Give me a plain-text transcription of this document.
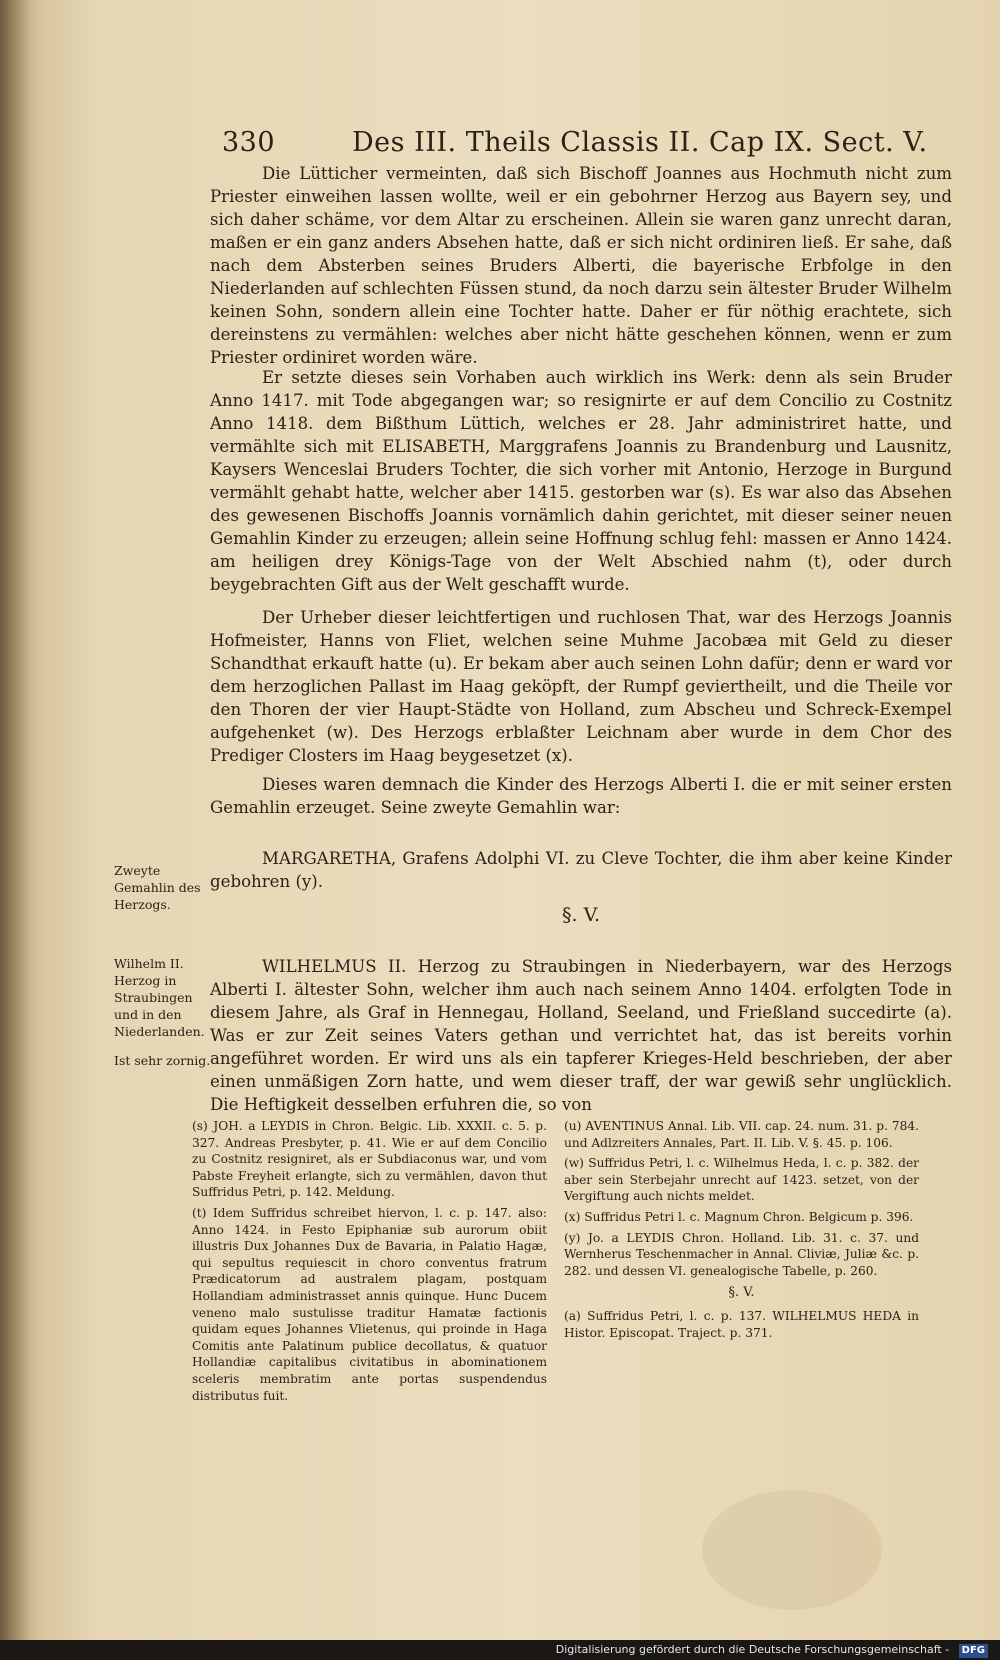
330	Des III. Theils Classis II. Cap IX. Sect. V.

Die Lütticher vermeinten, daß sich Bischoff Joannes aus Hochmuth nicht zum Priester einweihen lassen wollte, weil er ein gebohrner Herzog aus Bayern sey, und sich daher schäme, vor dem Altar zu erscheinen. Allein sie waren ganz unrecht daran, maßen er ein ganz anders Absehen hatte, daß er sich nicht ordiniren ließ. Er sahe, daß nach dem Absterben seines Bruders Alberti, die bayerische Erbfolge in den Niederlanden auf schlechten Füssen stund, da noch darzu sein ältester Bruder Wilhelm keinen Sohn, sondern allein eine Tochter hatte. Daher er für nöthig erachtete, sich dereinstens zu vermählen: welches aber nicht hätte geschehen können, wenn er zum Priester ordiniret worden wäre.

Er setzte dieses sein Vorhaben auch wirklich ins Werk: denn als sein Bruder Anno 1417. mit Tode abgegangen war; so resignirte er auf dem Concilio zu Costnitz Anno 1418. dem Bißthum Lüttich, welches er 28. Jahr administriret hatte, und vermählte sich mit ELISABETH, Marggrafens Joannis zu Brandenburg und Lausnitz, Kaysers Wenceslai Bruders Tochter, die sich vorher mit Antonio, Herzoge in Burgund vermählt gehabt hatte, welcher aber 1415. gestorben war (s). Es war also das Absehen des gewesenen Bischoffs Joannis vornämlich dahin gerichtet, mit dieser seiner neuen Gemahlin Kinder zu erzeugen; allein seine Hoffnung schlug fehl: massen er Anno 1424. am heiligen drey Königs-Tage von der Welt Abschied nahm (t), oder durch beygebrachten Gift aus der Welt geschafft wurde.

Der Urheber dieser leichtfertigen und ruchlosen That, war des Herzogs Joannis Hofmeister, Hanns von Fliet, welchen seine Muhme Jacobæa mit Geld zu dieser Schandthat erkauft hatte (u). Er bekam aber auch seinen Lohn dafür; denn er ward vor dem herzoglichen Pallast im Haag geköpft, der Rumpf geviertheilt, und die Theile vor den Thoren der vier Haupt-Städte von Holland, zum Abscheu und Schreck-Exempel aufgehenket (w). Des Herzogs erblaßter Leichnam aber wurde in dem Chor des Prediger Closters im Haag beygesetzet (x).

Dieses waren demnach die Kinder des Herzogs Alberti I. die er mit seiner ersten Gemahlin erzeuget. Seine zweyte Gemahlin war:

MARGARETHA, Grafens Adolphi VI. zu Cleve Tochter, die ihm aber keine Kinder gebohren (y).

§. V.

WILHELMUS II. Herzog zu Straubingen in Niederbayern, war des Herzogs Alberti I. ältester Sohn, welcher ihm auch nach seinem Anno 1404. erfolgten Tode in diesem Jahre, als Graf in Hennegau, Holland, Seeland, und Frießland succedirte (a). Was er zur Zeit seines Vaters gethan und verrichtet hat, das ist bereits vorhin angeführet worden. Er wird uns als ein tapferer Krieges-Held beschrieben, der aber einen unmäßigen Zorn hatte, und wem dieser traff, der war gewiß sehr unglücklich. Die Heftigkeit desselben erfuhren die, so von

Zweyte Gemahlin des Herzogs.

Wilhelm II. Herzog in Straubingen und in den Niederlanden.

Ist sehr zornig.

(s) JOH. a LEYDIS in Chron. Belgic. Lib. XXXII. c. 5. p. 327. Andreas Presbyter, p. 41. Wie er auf dem Concilio zu Costnitz resigniret, als er Subdiaconus war, und vom Pabste Freyheit erlangte, sich zu vermählen, davon thut Suffridus Petri, p. 142. Meldung.

(t) Idem Suffridus schreibet hiervon, l. c. p. 147. also: Anno 1424. in Festo Epiphaniæ sub aurorum obiit illustris Dux Johannes Dux de Bavaria, in Palatio Hagæ, qui sepultus requiescit in choro conventus fratrum Prædicatorum ad australem plagam, postquam Hollandiam administrasset annis quinque. Hunc Ducem veneno malo sustulisse traditur Hamatæ factionis quidam eques Johannes Vlietenus, qui proinde in Haga Comitis ante Palatinum publice decollatus, & quatuor Hollandiæ capitalibus civitatibus in abominationem sceleris membratim ante portas suspendendus distributus fuit.

(u) AVENTINUS Annal. Lib. VII. cap. 24. num. 31. p. 784. und Adlzreiters Annales, Part. II. Lib. V. §. 45. p. 106.

(w) Suffridus Petri, l. c. Wilhelmus Heda, l. c. p. 382. der aber sein Sterbejahr unrecht auf 1423. setzet, von der Vergiftung auch nichts meldet.

(x) Suffridus Petri l. c. Magnum Chron. Belgicum p. 396.

(y) Jo. a LEYDIS Chron. Holland. Lib. 31. c. 37. und Wernherus Teschenmacher in Annal. Cliviæ, Juliæ &c. p. 282. und dessen VI. genealogische Tabelle, p. 260.

§. V.

(a) Suffridus Petri, l. c. p. 137. WILHELMUS HEDA in Histor. Episcopat. Traject. p. 371.

Digitalisierung gefördert durch die Deutsche Forschungsgemeinschaft - DFG
